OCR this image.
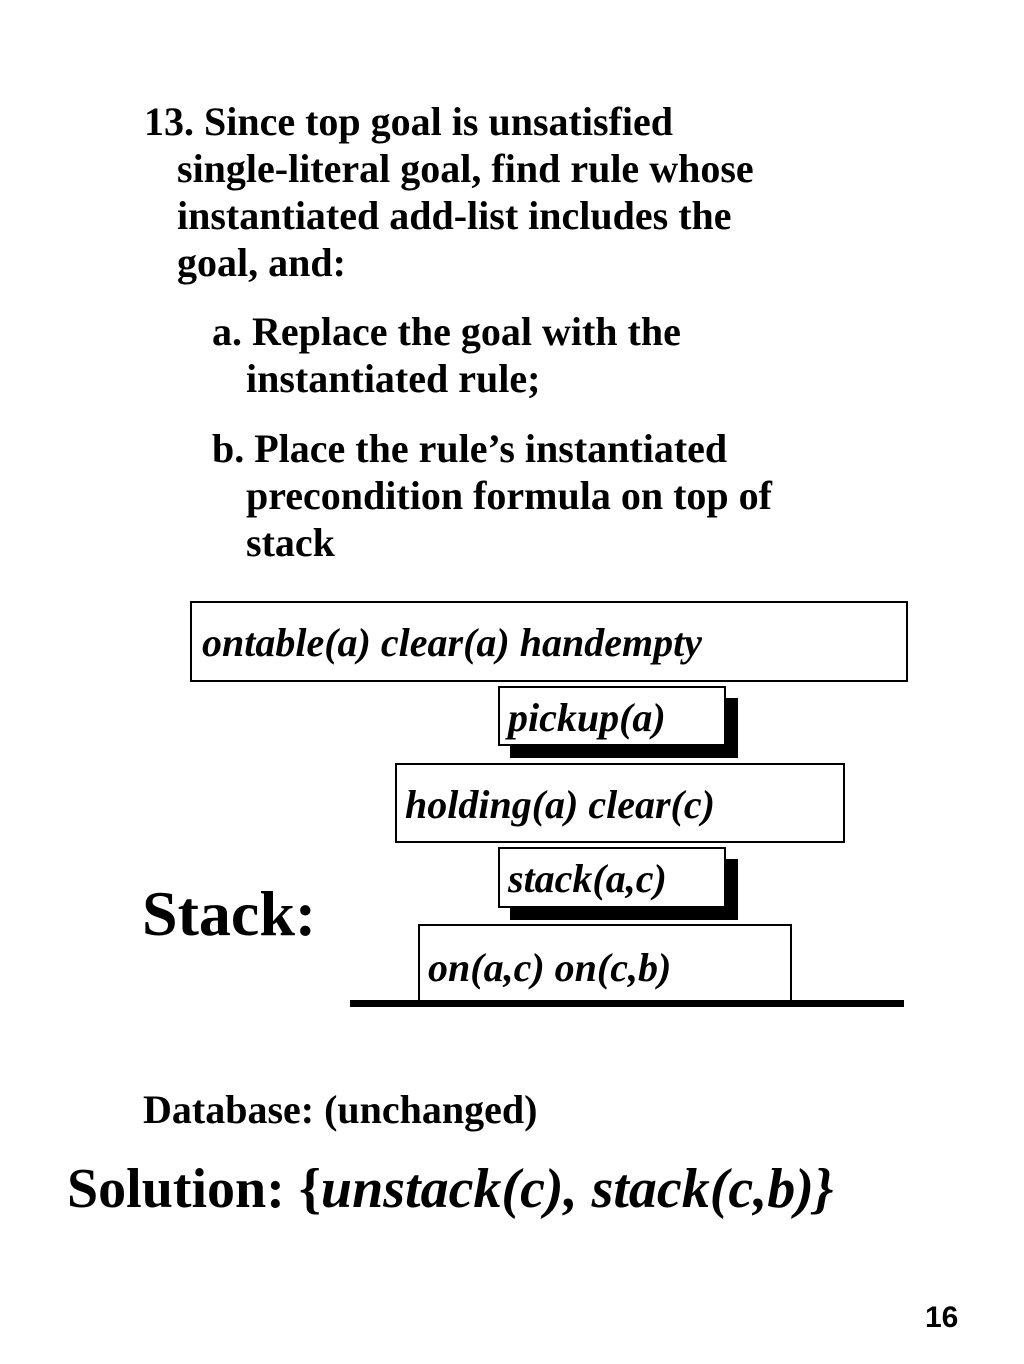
13. Since top goal is unsatisfied
single-literal goal, find rule whose
instantiated add-list includes the
goal, and:
a. Replace the goal with the
instantiated rule;
b. Place the rule’s instantiated
precondition formula on top of
stack
ontable(a) clear(a) handempty
pickup(a)
holding(a) clear(c)
stack(a,c)
on(a,c) on(c,b)
Stack:
Database: (unchanged)
Solution: {unstack(c), stack(c,b)}
16
